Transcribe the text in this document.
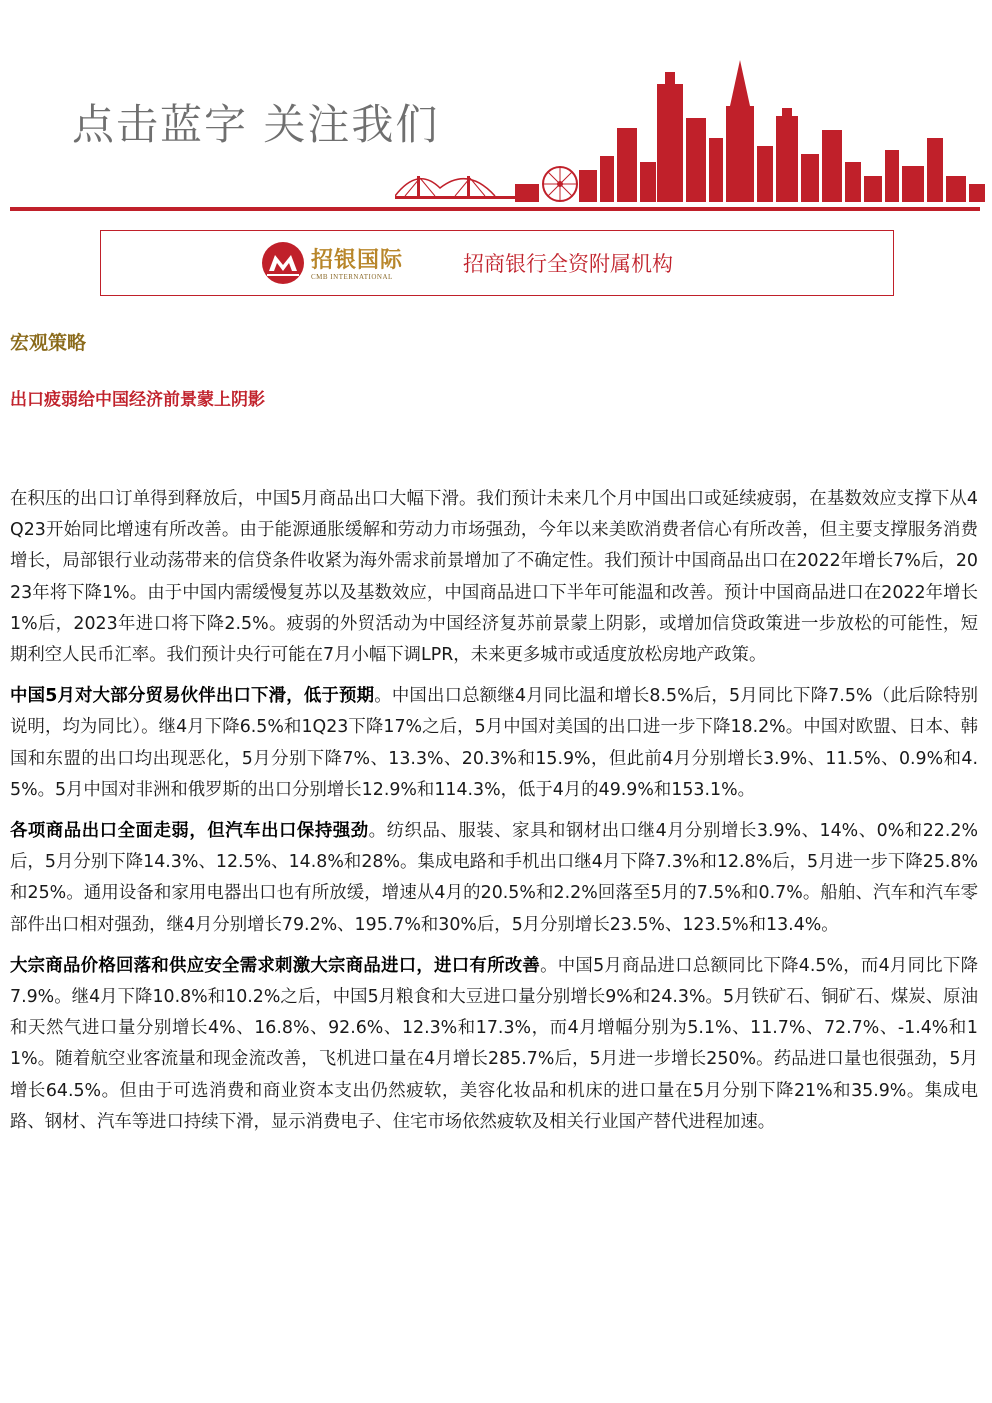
点击蓝字 关注我们
招银国际
CMB INTERNATIONAL
招商银行全资附属机构
宏观策略
出口疲弱给中国经济前景蒙上阴影

在积压的出口订单得到释放后，中国5月商品出口大幅下滑。我们预计未来几个月中国出口或延续疲弱，在基数效应支撑下从4Q23开始同比增速有所改善。由于能源通胀缓解和劳动力市场强劲，今年以来美欧消费者信心有所改善，但主要支撑服务消费增长，局部银行业动荡带来的信贷条件收紧为海外需求前景增加了不确定性。我们预计中国商品出口在2022年增长7%后，2023年将下降1%。由于中国内需缓慢复苏以及基数效应，中国商品进口下半年可能温和改善。预计中国商品进口在2022年增长1%后，2023年进口将下降2.5%。疲弱的外贸活动为中国经济复苏前景蒙上阴影，或增加信贷政策进一步放松的可能性，短期利空人民币汇率。我们预计央行可能在7月小幅下调LPR，未来更多城市或适度放松房地产政策。

中国5月对大部分贸易伙伴出口下滑，低于预期。中国出口总额继4月同比温和增长8.5%后，5月同比下降7.5%（此后除特别说明，均为同比）。继4月下降6.5%和1Q23下降17%之后，5月中国对美国的出口进一步下降18.2%。中国对欧盟、日本、韩国和东盟的出口均出现恶化，5月分别下降7%、13.3%、20.3%和15.9%，但此前4月分别增长3.9%、11.5%、0.9%和4.5%。5月中国对非洲和俄罗斯的出口分别增长12.9%和114.3%，低于4月的49.9%和153.1%。

各项商品出口全面走弱，但汽车出口保持强劲。纺织品、服装、家具和钢材出口继4月分别增长3.9%、14%、0%和22.2%后，5月分别下降14.3%、12.5%、14.8%和28%。集成电路和手机出口继4月下降7.3%和12.8%后，5月进一步下降25.8%和25%。通用设备和家用电器出口也有所放缓，增速从4月的20.5%和2.2%回落至5月的7.5%和0.7%。船舶、汽车和汽车零部件出口相对强劲，继4月分别增长79.2%、195.7%和30%后，5月分别增长23.5%、123.5%和13.4%。

大宗商品价格回落和供应安全需求刺激大宗商品进口，进口有所改善。中国5月商品进口总额同比下降4.5%，而4月同比下降7.9%。继4月下降10.8%和10.2%之后，中国5月粮食和大豆进口量分别增长9%和24.3%。5月铁矿石、铜矿石、煤炭、原油和天然气进口量分别增长4%、16.8%、92.6%、12.3%和17.3%，而4月增幅分别为5.1%、11.7%、72.7%、-1.4%和11%。随着航空业客流量和现金流改善，飞机进口量在4月增长285.7%后，5月进一步增长250%。药品进口量也很强劲，5月增长64.5%。但由于可选消费和商业资本支出仍然疲软，美容化妆品和机床的进口量在5月分别下降21%和35.9%。集成电路、钢材、汽车等进口持续下滑，显示消费电子、住宅市场依然疲软及相关行业国产替代进程加速。
